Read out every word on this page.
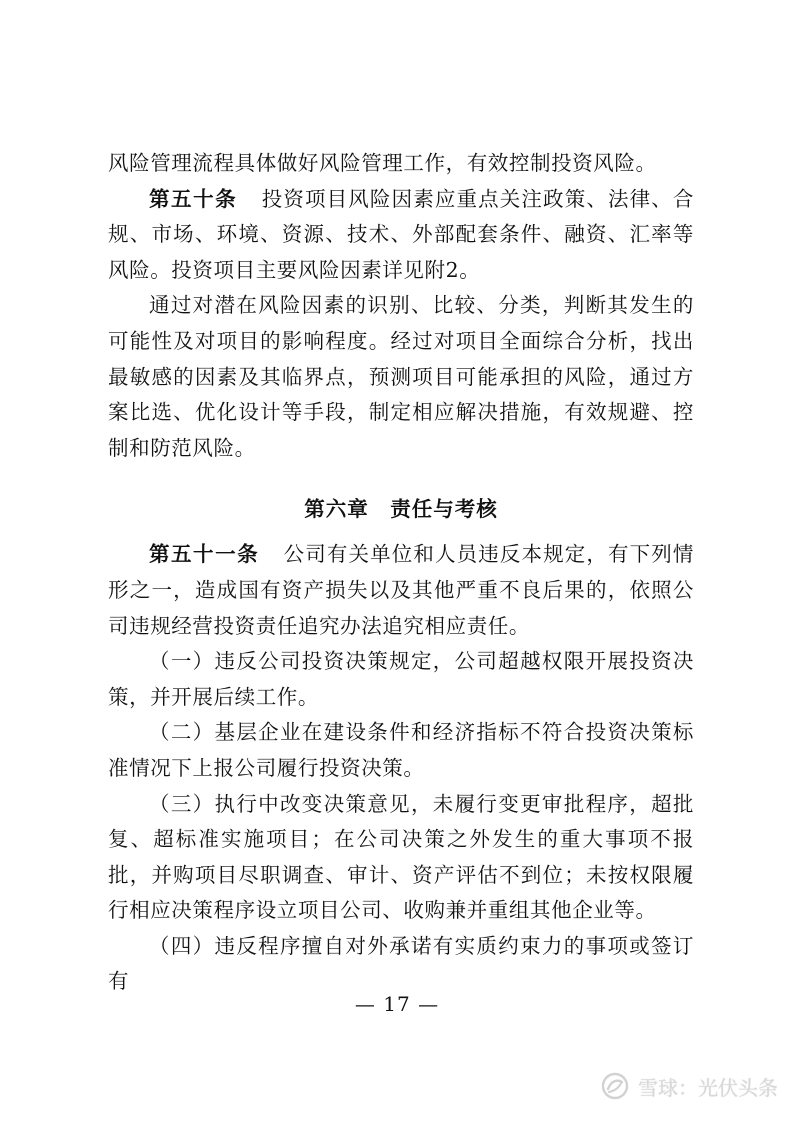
风险管理流程具体做好风险管理工作，有效控制投资风险。

第五十条 投资项目风险因素应重点关注政策、法律、合规、市场、环境、资源、技术、外部配套条件、融资、汇率等风险。投资项目主要风险因素详见附2。

通过对潜在风险因素的识别、比较、分类，判断其发生的可能性及对项目的影响程度。经过对项目全面综合分析，找出最敏感的因素及其临界点，预测项目可能承担的风险，通过方案比选、优化设计等手段，制定相应解决措施，有效规避、控制和防范风险。

第六章　责任与考核

第五十一条 公司有关单位和人员违反本规定，有下列情形之一，造成国有资产损失以及其他严重不良后果的，依照公司违规经营投资责任追究办法追究相应责任。

（一）违反公司投资决策规定，公司超越权限开展投资决策，并开展后续工作。

（二）基层企业在建设条件和经济指标不符合投资决策标准情况下上报公司履行投资决策。

（三）执行中改变决策意见，未履行变更审批程序，超批复、超标准实施项目；在公司决策之外发生的重大事项不报批，并购项目尽职调查、审计、资产评估不到位；未按权限履行相应决策程序设立项目公司、收购兼并重组其他企业等。

（四）违反程序擅自对外承诺有实质约束力的事项或签订有

— 17 —
雪球：光伏头条
